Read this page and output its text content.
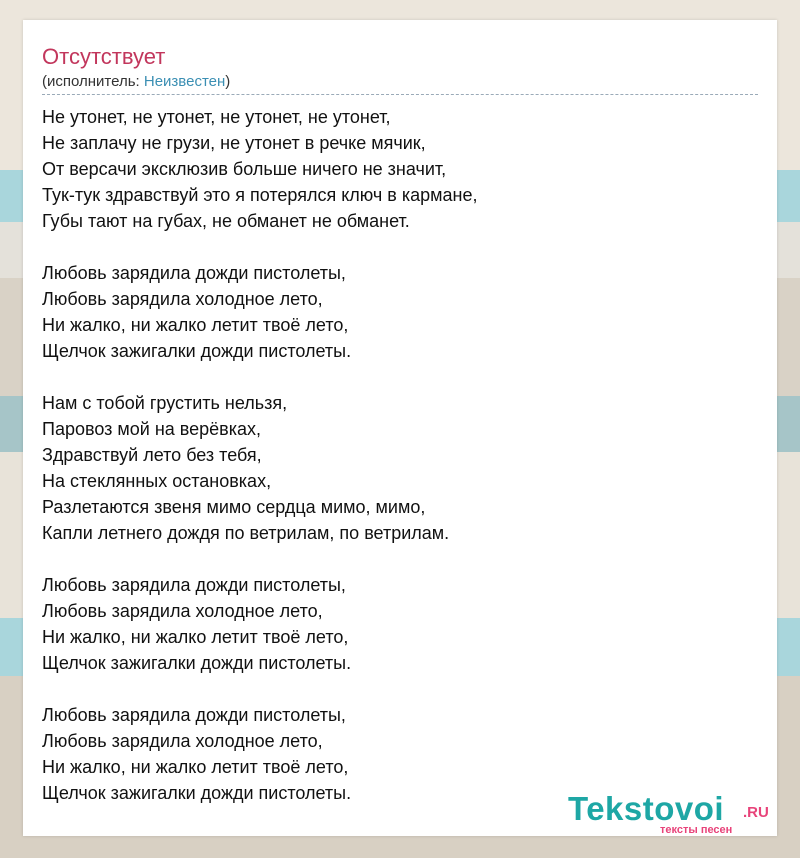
Отсутствует
(исполнитель: Неизвестен)
Не утонет, не утонет, не утонет, не утонет,
Не заплачу не грузи, не утонет в речке мячик,
От версачи эксклюзив больше ничего не значит,
Тук-тук здравствуй это я потерялся ключ в кармане,
Губы тают на губах, не обманет не обманет.
Любовь зарядила дожди пистолеты,
Любовь зарядила холодное лето,
Ни жалко, ни жалко летит твоё лето,
Щелчок зажигалки дожди пистолеты.
Нам с тобой грустить нельзя,
Паровоз мой на верёвках,
Здравствуй лето без тебя,
На стеклянных остановках,
Разлетаются звеня мимо сердца мимо, мимо,
Капли летнего дождя по ветрилам, по ветрилам.
Любовь зарядила дожди пистолеты,
Любовь зарядила холодное лето,
Ни жалко, ни жалко летит твоё лето,
Щелчок зажигалки дожди пистолеты.
Любовь зарядила дожди пистолеты,
Любовь зарядила холодное лето,
Ни жалко, ни жалко летит твоё лето,
Щелчок зажигалки дожди пистолеты.	Tekstovoi .RU
тексты песен
